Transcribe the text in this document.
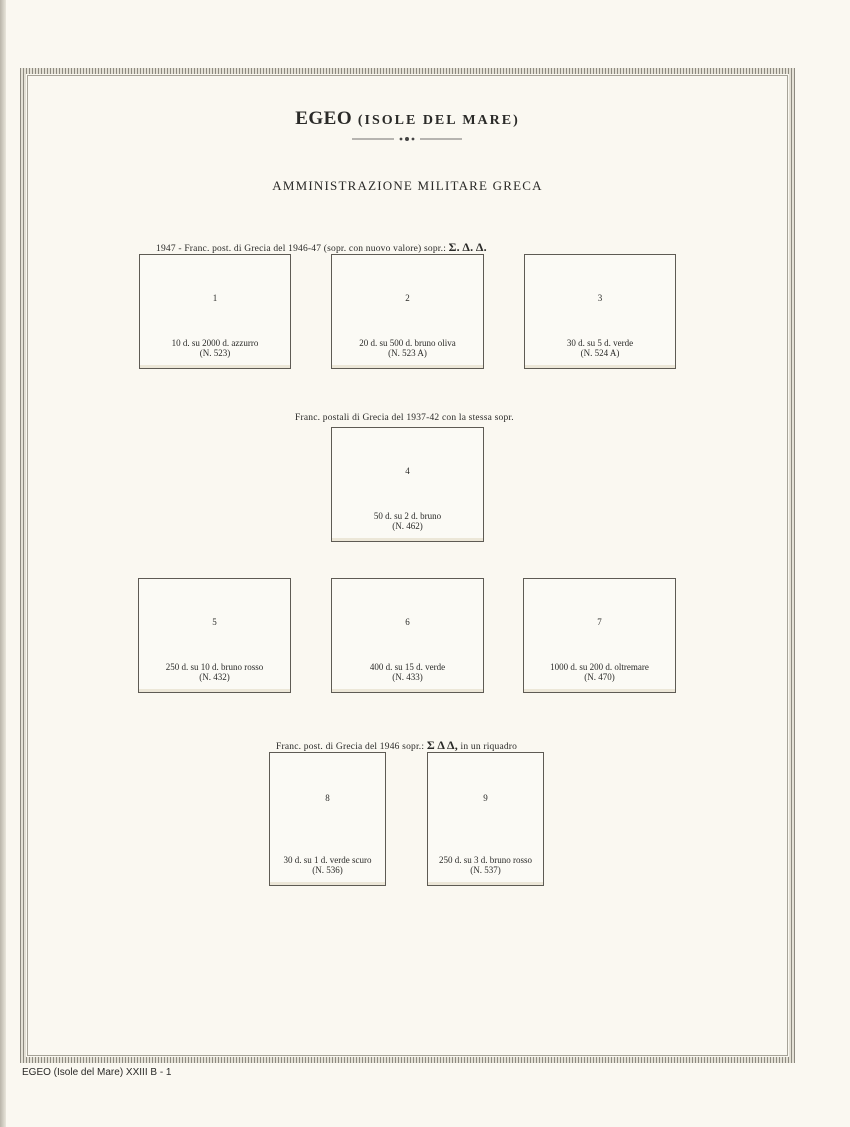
EGEO (ISOLE DEL MARE)
AMMINISTRAZIONE MILITARE GRECA
1947 - Franc. post. di Grecia del 1946-47 (sopr. con nuovo valore) sopr.: Σ. Δ. Δ.
1
10 d. su 2000 d. azzurro
(N. 523)
2
20 d. su 500 d. bruno oliva
(N. 523 A)
3
30 d. su 5 d. verde
(N. 524 A)
Franc. postali di Grecia del 1937-42 con la stessa sopr.
4
50 d. su 2 d. bruno
(N. 462)
5
250 d. su 10 d. bruno rosso
(N. 432)
6
400 d. su 15 d. verde
(N. 433)
7
1000 d. su 200 d. oltremare
(N. 470)
Franc. post. di Grecia del 1946 sopr.: Σ Δ Δ, in un riquadro
8
30 d. su 1 d. verde scuro
(N. 536)
9
250 d. su 3 d. bruno rosso
(N. 537)
EGEO (Isole del Mare) XXIII B - 1
